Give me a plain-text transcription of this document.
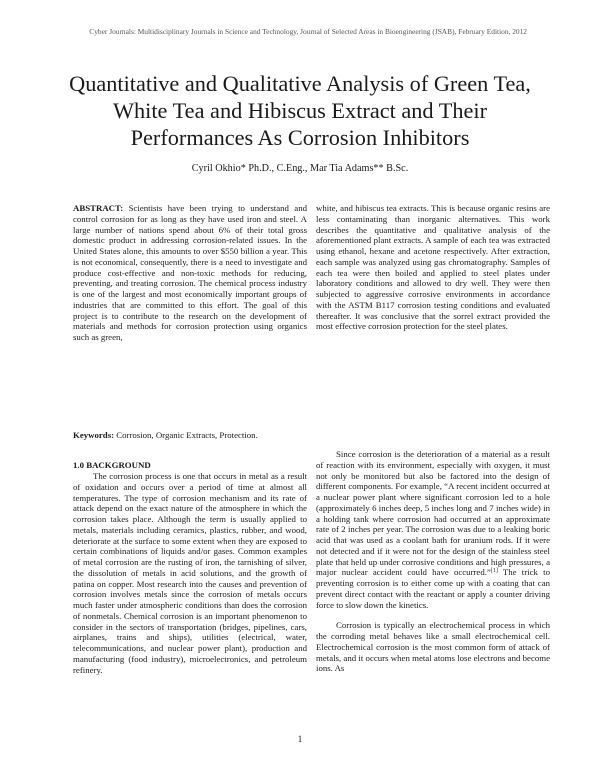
Cyber Journals: Multidisciplinary Journals in Science and Technology, Journal of Selected Areas in Bioengineering (JSAB), February Edition, 2012
Quantitative and Qualitative Analysis of Green Tea, White Tea and Hibiscus Extract and Their Performances As Corrosion Inhibitors
Cyril Okhio* Ph.D., C.Eng., Mar Tia Adams** B.Sc.

ABSTRACT: Scientists have been trying to understand and control corrosion for as long as they have used iron and steel. A large number of nations spend about 6% of their total gross domestic product in addressing corrosion-related issues. In the United States alone, this amounts to over $550 billion a year. This is not economical, consequently, there is a need to investigate and produce cost-effective and non-toxic methods for reducing, preventing, and treating corrosion. The chemical process industry is one of the largest and most economically important groups of industries that are committed to this effort. The goal of this project is to contribute to the research on the development of materials and methods for corrosion protection using organics such as green,

white, and hibiscus tea extracts. This is because organic resins are less contaminating than inorganic alternatives. This work describes the quantitative and qualitative analysis of the aforementioned plant extracts. A sample of each tea was extracted using ethanol, hexane and acetone respectively. After extraction, each sample was analyzed using gas chromatography. Samples of each tea were then boiled and applied to steel plates under laboratory conditions and allowed to dry well. They were then subjected to aggressive corrosive environments in accordance with the ASTM B117 corrosion testing conditions and evaluated thereafter. It was conclusive that the sorrel extract provided the most effective corrosion protection for the steel plates.

Keywords: Corrosion, Organic Extracts, Protection.
1.0 BACKGROUND

The corrosion process is one that occurs in metal as a result of oxidation and occurs over a period of time at almost all temperatures. The type of corrosion mechanism and its rate of attack depend on the exact nature of the atmosphere in which the corrosion takes place. Although the term is usually applied to metals, materials including ceramics, plastics, rubber, and wood, deteriorate at the surface to some extent when they are exposed to certain combinations of liquids and/or gases. Common examples of metal corrosion are the rusting of iron, the tarnishing of silver, the dissolution of metals in acid solutions, and the growth of patina on copper. Most research into the causes and prevention of corrosion involves metals since the corrosion of metals occurs much faster under atmospheric conditions than does the corrosion of nonmetals. Chemical corrosion is an important phenomenon to consider in the sectors of transportation (bridges, pipelines, cars, airplanes, trains and ships), utilities (electrical, water, telecommunications, and nuclear power plant), production and manufacturing (food industry), microelectronics, and petroleum refinery.

Since corrosion is the deterioration of a material as a result of reaction with its environment, especially with oxygen, it must not only be monitored but also be factored into the design of different components. For example, “A recent incident occurred at a nuclear power plant where significant corrosion led to a hole (approximately 6 inches deep, 5 inches long and 7 inches wide) in a holding tank where corrosion had occurred at an approximate rate of 2 inches per year. The corrosion was due to a leaking boric acid that was used as a coolant bath for uranium rods. If it were not detected and if it were not for the design of the stainless steel plate that held up under corrosive conditions and high pressures, a major nuclear accident could have occurred.”[1] The trick to preventing corrosion is to either come up with a coating that can prevent direct contact with the reactant or apply a counter driving force to slow down the kinetics.

Corrosion is typically an electrochemical process in which the corroding metal behaves like a small electrochemical cell. Electrochemical corrosion is the most common form of attack of metals, and it occurs when metal atoms lose electrons and become ions. As

1
